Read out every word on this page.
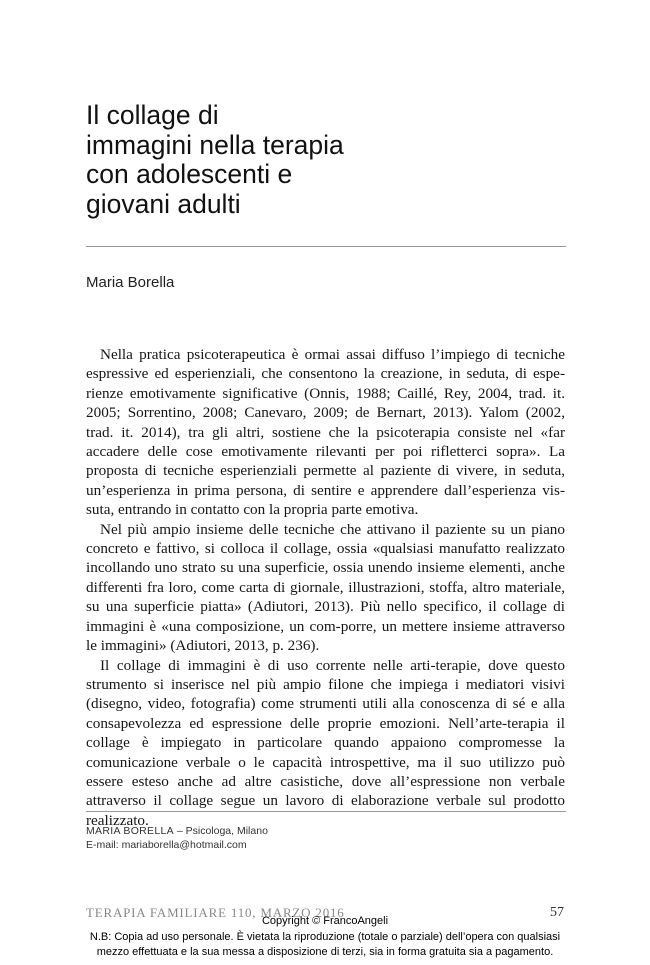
Il collage di
immagini nella terapia
con adolescenti e
giovani adulti
Maria Borella

Nella pratica psicoterapeutica è ormai assai diffuso l’impiego di tecniche espressive ed esperienziali, che consentono la creazione, in seduta, di esperienze emotivamente significative (Onnis, 1988; Caillé, Rey, 2004, trad. it. 2005; Sorrentino, 2008; Canevaro, 2009; de Bernart, 2013). Yalom (2002, trad. it. 2014), tra gli altri, sostiene che la psicoterapia consiste nel «far accadere delle cose emotivamente rilevanti per poi rifletterci sopra». La proposta di tecniche esperienziali permette al paziente di vivere, in seduta, un’esperienza in prima persona, di sentire e apprendere dall’esperienza vissuta, entrando in contatto con la propria parte emotiva.

Nel più ampio insieme delle tecniche che attivano il paziente su un piano concreto e fattivo, si colloca il collage, ossia «qualsiasi manufatto realizzato incollando uno strato su una superficie, ossia unendo insieme elementi, anche differenti fra loro, come carta di giornale, illustrazioni, stoffa, altro materiale, su una superficie piatta» (Adiutori, 2013). Più nello specifico, il collage di immagini è «una composizione, un com-porre, un mettere insieme attraverso le immagini» (Adiutori, 2013, p. 236).

Il collage di immagini è di uso corrente nelle arti-terapie, dove questo strumento si inserisce nel più ampio filone che impiega i mediatori visivi (disegno, video, fotografia) come strumenti utili alla conoscenza di sé e alla consapevolezza ed espressione delle proprie emozioni. Nell’arte-terapia il collage è impiegato in particolare quando appaiono compromesse la comunicazione verbale o le capacità introspettive, ma il suo utilizzo può essere esteso anche ad altre casistiche, dove all’espressione non verbale attraverso il collage segue un lavoro di elaborazione verbale sul prodotto realizzato.

MARIA BORELLA – Psicologa, Milano
E-mail: mariaborella@hotmail.com
TERAPIA FAMILIARE 110, MARZO 2016	57
Copyright © FrancoAngeli
N.B: Copia ad uso personale. È vietata la riproduzione (totale o parziale) dell’opera con qualsiasi
mezzo effettuata e la sua messa a disposizione di terzi, sia in forma gratuita sia a pagamento.
